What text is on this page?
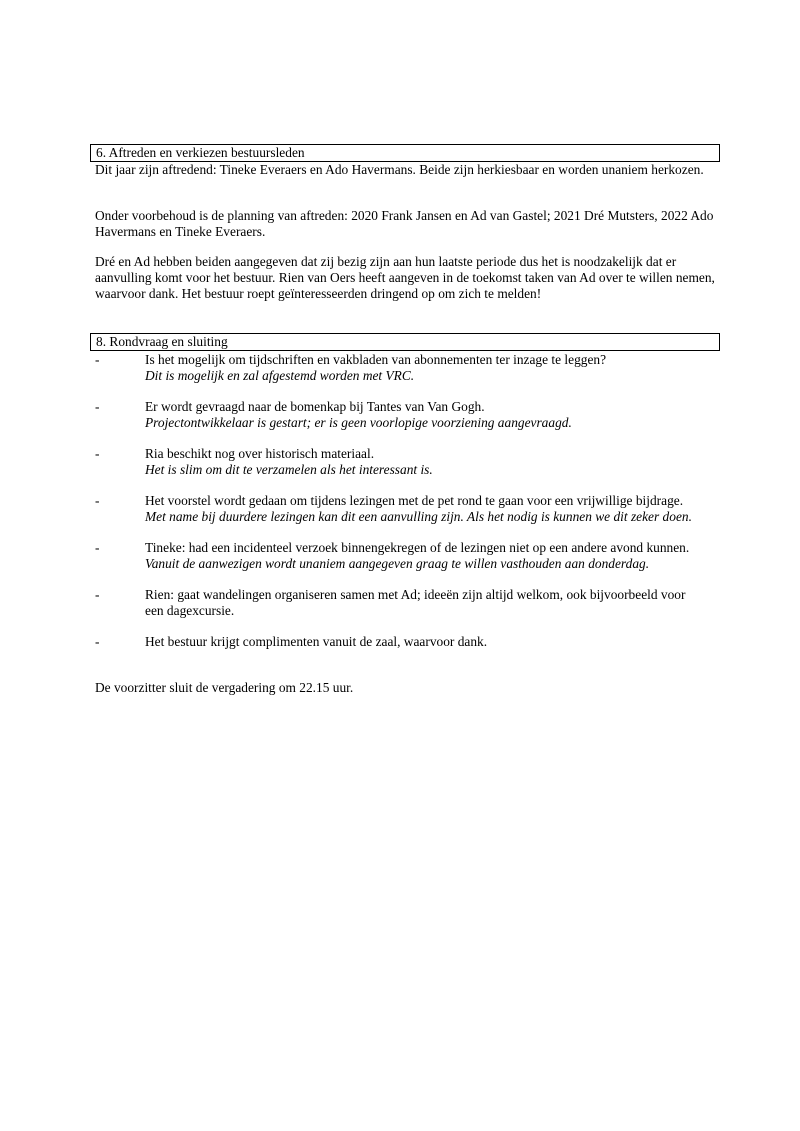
6. Aftreden en verkiezen bestuursleden

Dit jaar zijn aftredend: Tineke Everaers en Ado Havermans. Beide zijn herkiesbaar en worden unaniem herkozen.

Onder voorbehoud is de planning van aftreden: 2020 Frank Jansen en Ad van Gastel; 2021 Dré Mutsters, 2022 Ado Havermans en Tineke Everaers.

Dré en Ad hebben beiden aangegeven dat zij bezig zijn aan hun laatste periode dus het is noodzakelijk dat er aanvulling komt voor het bestuur. Rien van Oers heeft aangeven in de toekomst taken van Ad over te willen nemen, waarvoor dank. Het bestuur roept geïnteresseerden dringend op om zich te melden!

8. Rondvraag en sluiting
-	Is het mogelijk om tijdschriften en vakbladen van abonnementen ter inzage te leggen?
Dit is mogelijk en zal afgestemd worden met VRC.
-	Er wordt gevraagd naar de bomenkap bij Tantes van Van Gogh.
Projectontwikkelaar is gestart; er is geen voorlopige voorziening aangevraagd.
-	Ria beschikt nog over historisch materiaal.
Het is slim om dit te verzamelen als het interessant is.
-	Het voorstel wordt gedaan om tijdens lezingen met de pet rond te gaan voor een vrijwillige bijdrage.
Met name bij duurdere lezingen kan dit een aanvulling zijn. Als het nodig is kunnen we dit zeker doen.
-	Tineke: had een incidenteel verzoek binnengekregen of de lezingen niet op een andere avond kunnen.
Vanuit de aanwezigen wordt unaniem aangegeven graag te willen vasthouden aan donderdag.
-	Rien: gaat wandelingen organiseren samen met Ad; ideeën zijn altijd welkom, ook bijvoorbeeld voor een dagexcursie.
-	Het bestuur krijgt complimenten vanuit de zaal, waarvoor dank.

De voorzitter sluit de vergadering om 22.15 uur.
